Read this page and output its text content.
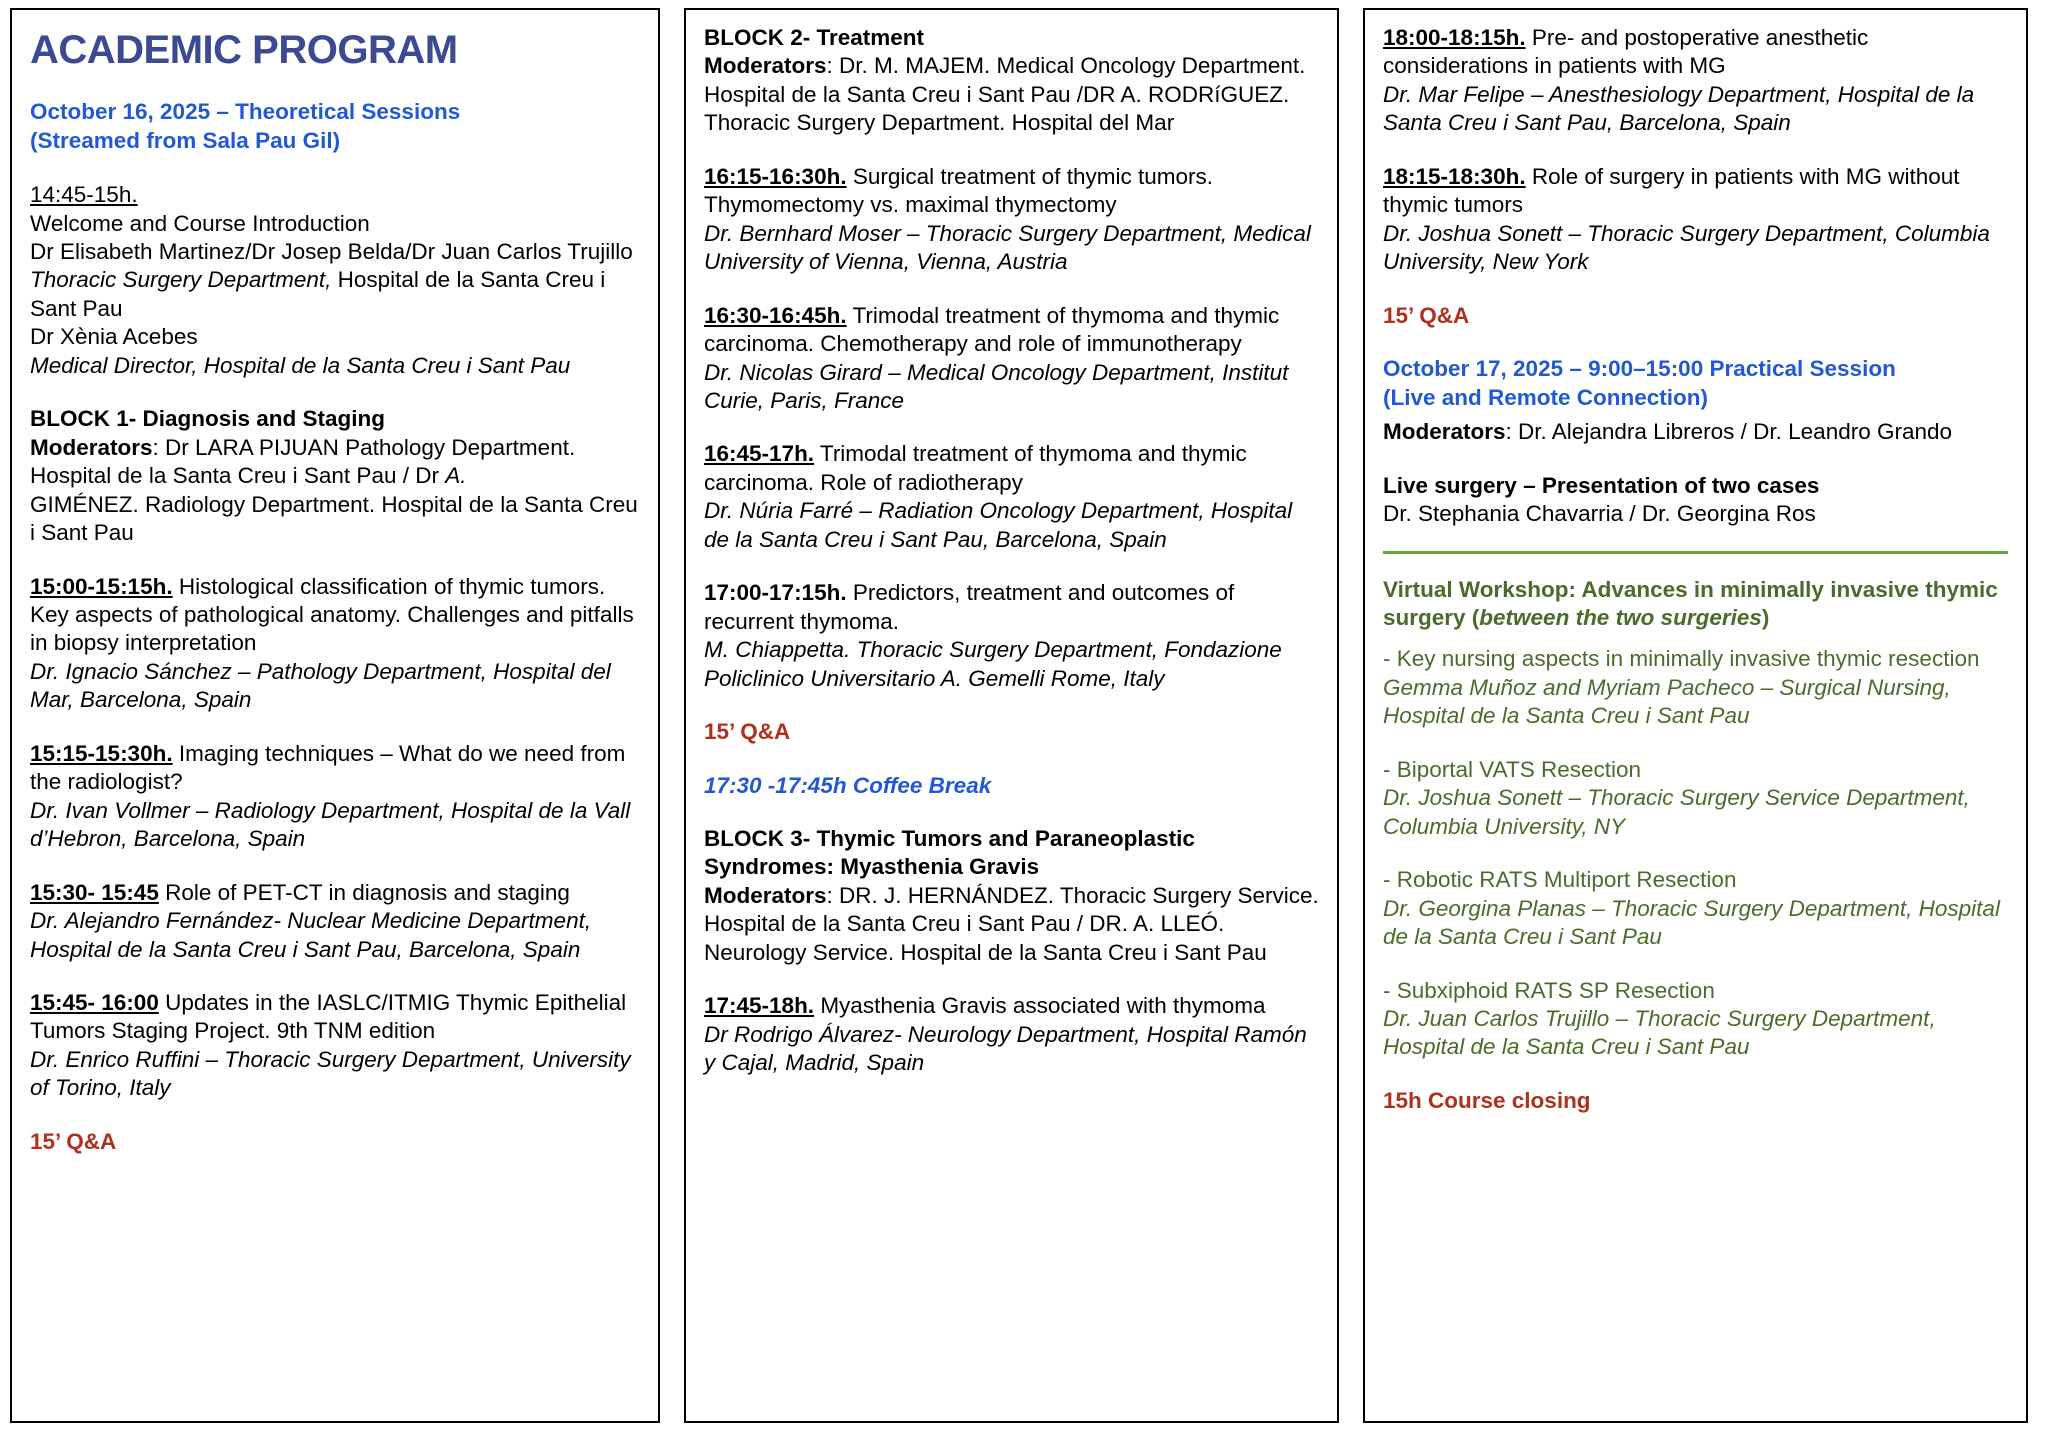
ACADEMIC PROGRAM
October 16, 2025 – Theoretical Sessions
(Streamed from Sala Pau Gil)

14:45-15h.

Welcome and Course Introduction

Dr Elisabeth Martinez/Dr Josep Belda/Dr Juan Carlos Trujillo Thoracic Surgery Department, Hospital de la Santa Creu i Sant Pau

Dr Xènia Acebes

Medical Director, Hospital de la Santa Creu i Sant Pau

BLOCK 1- Diagnosis and Staging

Moderators: Dr LARA PIJUAN Pathology Department.

Hospital de la Santa Creu i Sant Pau / Dr A.

GIMÉNEZ. Radiology Department. Hospital de la Santa Creu i Sant Pau

15:00-15:15h. Histological classification of thymic tumors. Key aspects of pathological anatomy. Challenges and pitfalls in biopsy interpretation

Dr. Ignacio Sánchez – Pathology Department, Hospital del Mar, Barcelona, Spain

15:15-15:30h. Imaging techniques – What do we need from the radiologist?

Dr. Ivan Vollmer – Radiology Department, Hospital de la Vall d’Hebron, Barcelona, Spain

15:30- 15:45 Role of PET-CT in diagnosis and staging

Dr. Alejandro Fernández- Nuclear Medicine Department, Hospital de la Santa Creu i Sant Pau, Barcelona, Spain

15:45- 16:00 Updates in the IASLC/ITMIG Thymic Epithelial Tumors Staging Project. 9th TNM edition

Dr. Enrico Ruffini – Thoracic Surgery Department, University of Torino, Italy

15’ Q&A

BLOCK 2- Treatment

Moderators: Dr. M. MAJEM. Medical Oncology Department. Hospital de la Santa Creu i Sant Pau /DR A. RODRíGUEZ. Thoracic Surgery Department. Hospital del Mar

16:15-16:30h. Surgical treatment of thymic tumors. Thymomectomy vs. maximal thymectomy

Dr. Bernhard Moser – Thoracic Surgery Department, Medical University of Vienna, Vienna, Austria

16:30-16:45h. Trimodal treatment of thymoma and thymic carcinoma. Chemotherapy and role of immunotherapy

Dr. Nicolas Girard – Medical Oncology Department, Institut Curie, Paris, France

16:45-17h. Trimodal treatment of thymoma and thymic carcinoma. Role of radiotherapy

Dr. Núria Farré – Radiation Oncology Department, Hospital de la Santa Creu i Sant Pau, Barcelona, Spain

17:00-17:15h. Predictors, treatment and outcomes of recurrent thymoma.

M. Chiappetta. Thoracic Surgery Department, Fondazione Policlinico Universitario A. Gemelli Rome, Italy

15’ Q&A

17:30 -17:45h Coffee Break

BLOCK 3- Thymic Tumors and Paraneoplastic

Syndromes: Myasthenia Gravis

Moderators: DR. J. HERNÁNDEZ. Thoracic Surgery Service. Hospital de la Santa Creu i Sant Pau / DR. A. LLEÓ. Neurology Service. Hospital de la Santa Creu i Sant Pau

17:45-18h. Myasthenia Gravis associated with thymoma

Dr Rodrigo Álvarez- Neurology Department, Hospital Ramón y Cajal, Madrid, Spain

18:00-18:15h. Pre- and postoperative anesthetic considerations in patients with MG

Dr. Mar Felipe – Anesthesiology Department, Hospital de la Santa Creu i Sant Pau, Barcelona, Spain

18:15-18:30h. Role of surgery in patients with MG without thymic tumors

Dr. Joshua Sonett – Thoracic Surgery Department, Columbia University, New York

15’ Q&A

October 17, 2025 – 9:00–15:00 Practical Session
(Live and Remote Connection)

Moderators: Dr. Alejandra Libreros / Dr. Leandro Grando

Live surgery – Presentation of two cases

Dr. Stephania Chavarria / Dr. Georgina Ros

Virtual Workshop: Advances in minimally invasive thymic surgery (between the two surgeries)

- Key nursing aspects in minimally invasive thymic resection

Gemma Muñoz and Myriam Pacheco – Surgical Nursing, Hospital de la Santa Creu i Sant Pau

- Biportal VATS Resection

Dr. Joshua Sonett – Thoracic Surgery Service Department, Columbia University, NY

- Robotic RATS Multiport Resection

Dr. Georgina Planas – Thoracic Surgery Department, Hospital de la Santa Creu i Sant Pau

- Subxiphoid RATS SP Resection

Dr. Juan Carlos Trujillo – Thoracic Surgery Department, Hospital de la Santa Creu i Sant Pau

15h Course closing
